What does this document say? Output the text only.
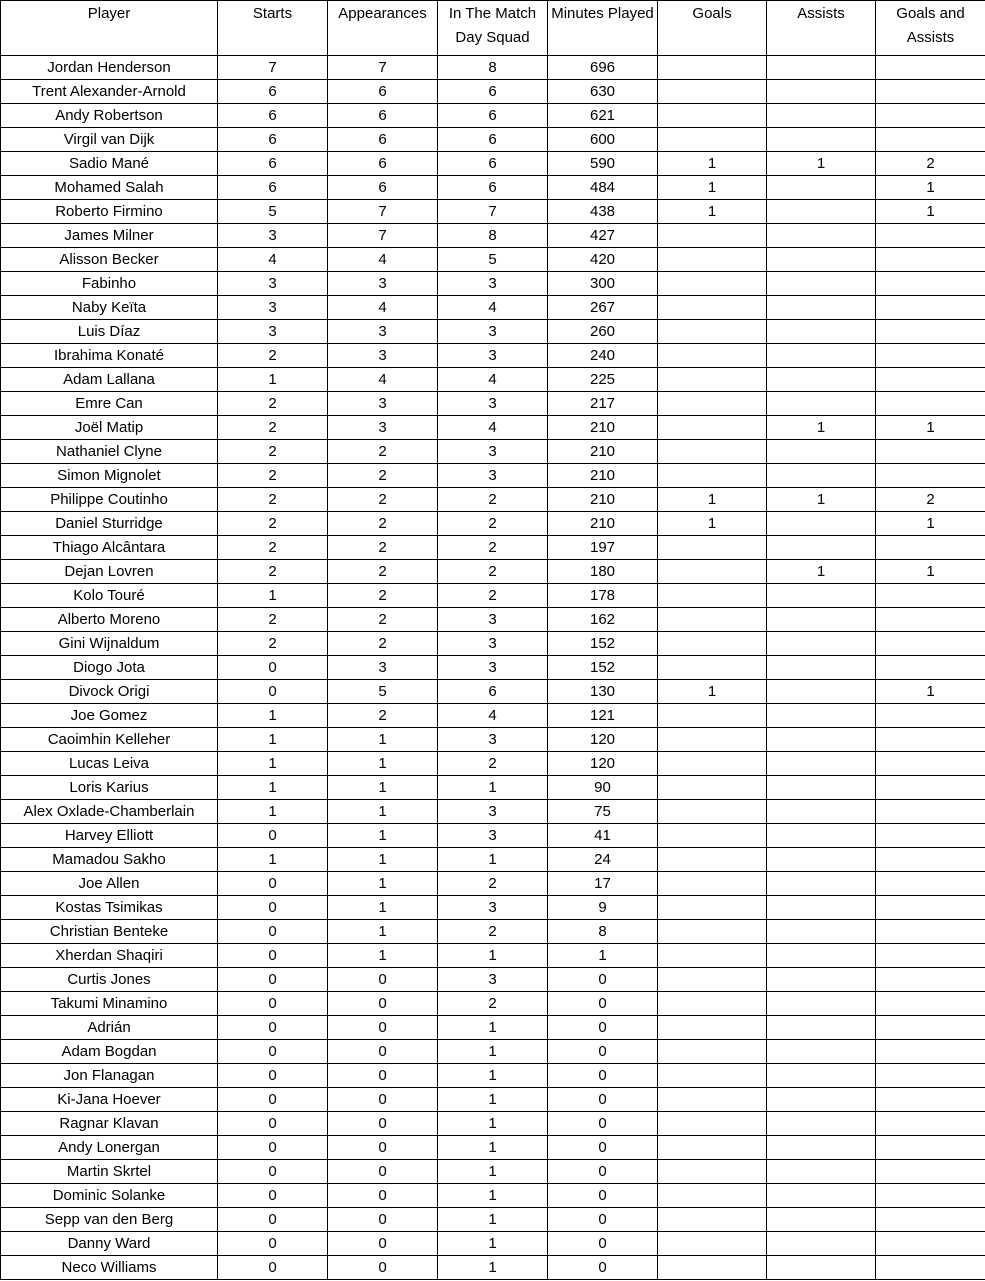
Player	Starts	Appearances	In The Match Day Squad	Minutes Played	Goals	Assists	Goals and Assists
Jordan Henderson	7	7	8	696			
Trent Alexander-Arnold	6	6	6	630			
Andy Robertson	6	6	6	621			
Virgil van Dijk	6	6	6	600			
Sadio Mané	6	6	6	590	1	1	2
Mohamed Salah	6	6	6	484	1		1
Roberto Firmino	5	7	7	438	1		1
James Milner	3	7	8	427			
Alisson Becker	4	4	5	420			
Fabinho	3	3	3	300			
Naby Keïta	3	4	4	267			
Luis Díaz	3	3	3	260			
Ibrahima Konaté	2	3	3	240			
Adam Lallana	1	4	4	225			
Emre Can	2	3	3	217			
Joël Matip	2	3	4	210		1	1
Nathaniel Clyne	2	2	3	210			
Simon Mignolet	2	2	3	210			
Philippe Coutinho	2	2	2	210	1	1	2
Daniel Sturridge	2	2	2	210	1		1
Thiago Alcântara	2	2	2	197			
Dejan Lovren	2	2	2	180		1	1
Kolo Touré	1	2	2	178			
Alberto Moreno	2	2	3	162			
Gini Wijnaldum	2	2	3	152			
Diogo Jota	0	3	3	152			
Divock Origi	0	5	6	130	1		1
Joe Gomez	1	2	4	121			
Caoimhin Kelleher	1	1	3	120			
Lucas Leiva	1	1	2	120			
Loris Karius	1	1	1	90			
Alex Oxlade-Chamberlain	1	1	3	75			
Harvey Elliott	0	1	3	41			
Mamadou Sakho	1	1	1	24			
Joe Allen	0	1	2	17			
Kostas Tsimikas	0	1	3	9			
Christian Benteke	0	1	2	8			
Xherdan Shaqiri	0	1	1	1			
Curtis Jones	0	0	3	0			
Takumi Minamino	0	0	2	0			
Adrián	0	0	1	0			
Adam Bogdan	0	0	1	0			
Jon Flanagan	0	0	1	0			
Ki-Jana Hoever	0	0	1	0			
Ragnar Klavan	0	0	1	0			
Andy Lonergan	0	0	1	0			
Martin Skrtel	0	0	1	0			
Dominic Solanke	0	0	1	0			
Sepp van den Berg	0	0	1	0			
Danny Ward	0	0	1	0			
Neco Williams	0	0	1	0			
